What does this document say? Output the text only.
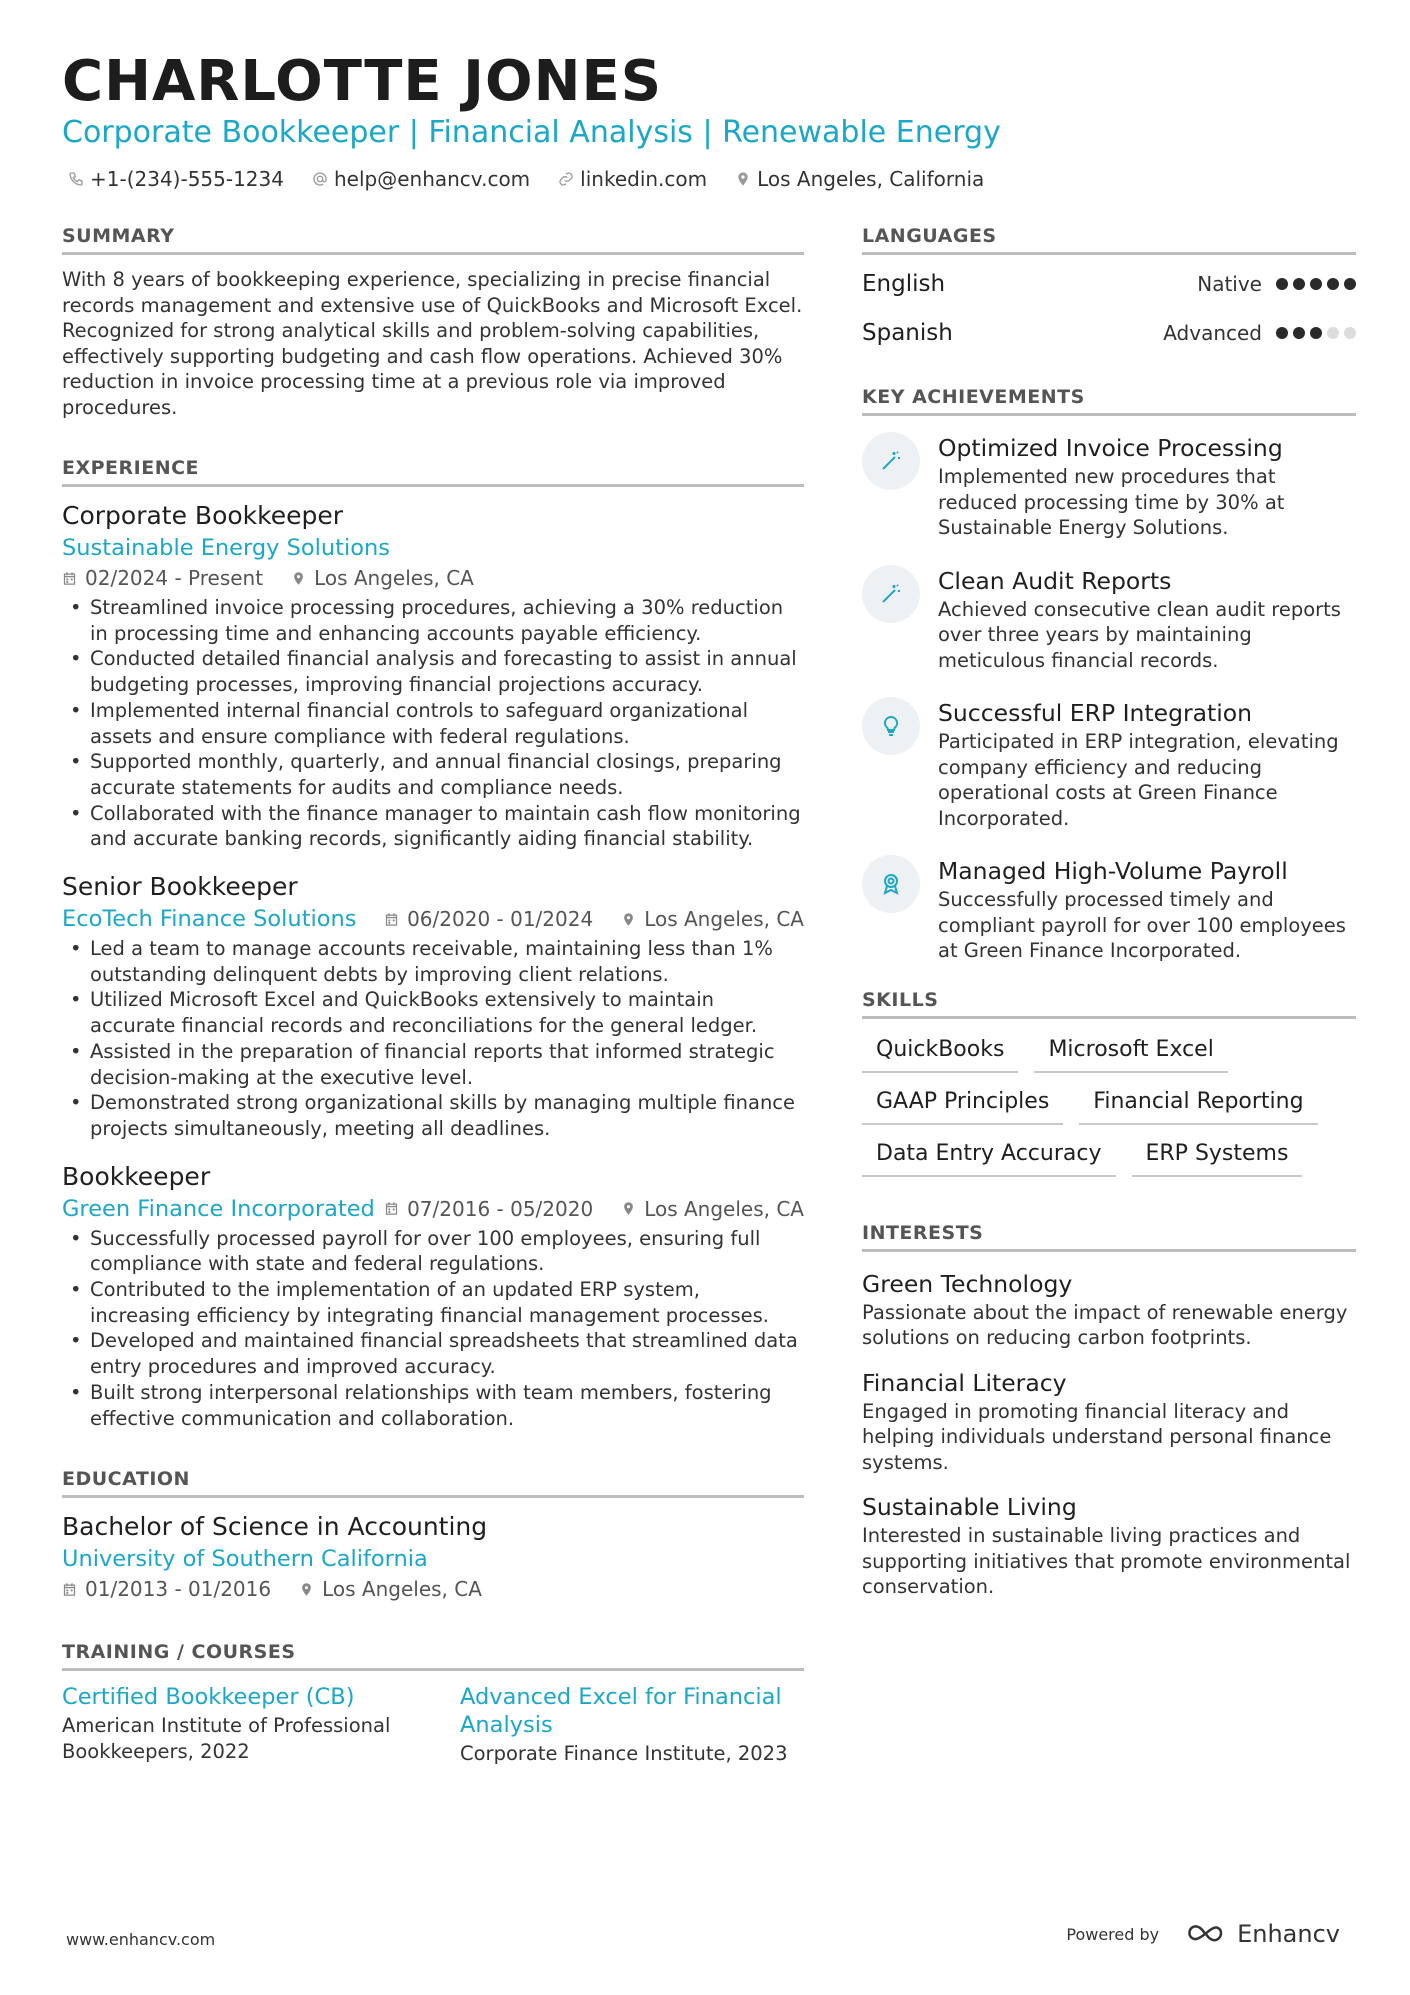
CHARLOTTE JONES

Corporate Bookkeeper | Financial Analysis | Renewable Energy

+1-(234)-555-1234	help@enhancv.com	linkedin.com	Los Angeles, California
SUMMARY

With 8 years of bookkeeping experience, specializing in precise financial records management and extensive use of QuickBooks and Microsoft Excel. Recognized for strong analytical skills and problem-solving capabilities, effectively supporting budgeting and cash flow operations. Achieved 30% reduction in invoice processing time at a previous role via improved procedures.

EXPERIENCE

Corporate Bookkeeper

Sustainable Energy Solutions

02/2024 - Present	Los Angeles, CA
• Streamlined invoice processing procedures, achieving a 30% reduction in processing time and enhancing accounts payable efficiency.
• Conducted detailed financial analysis and forecasting to assist in annual budgeting processes, improving financial projections accuracy.
• Implemented internal financial controls to safeguard organizational assets and ensure compliance with federal regulations.
• Supported monthly, quarterly, and annual financial closings, preparing accurate statements for audits and compliance needs.
• Collaborated with the finance manager to maintain cash flow monitoring and accurate banking records, significantly aiding financial stability.

Senior Bookkeeper

EcoTech Finance Solutions	06/2020 - 01/2024	Los Angeles, CA
• Led a team to manage accounts receivable, maintaining less than 1% outstanding delinquent debts by improving client relations.
• Utilized Microsoft Excel and QuickBooks extensively to maintain accurate financial records and reconciliations for the general ledger.
• Assisted in the preparation of financial reports that informed strategic decision-making at the executive level.
• Demonstrated strong organizational skills by managing multiple finance projects simultaneously, meeting all deadlines.

Bookkeeper

Green Finance Incorporated 07/2016 - 05/2020	Los Angeles, CA
• Successfully processed payroll for over 100 employees, ensuring full compliance with state and federal regulations.
• Contributed to the implementation of an updated ERP system, increasing efficiency by integrating financial management processes.
• Developed and maintained financial spreadsheets that streamlined data entry procedures and improved accuracy.
• Built strong interpersonal relationships with team members, fostering effective communication and collaboration.
EDUCATION

Bachelor of Science in Accounting

University of Southern California

01/2013 - 01/2016	Los Angeles, CA
TRAINING / COURSES

Certified Bookkeeper (CB)

American Institute of Professional Bookkeepers, 2022

Advanced Excel for Financial Analysis

Corporate Finance Institute, 2023

LANGUAGES
English	Native
Spanish	Advanced
KEY ACHIEVEMENTS

Optimized Invoice Processing

Implemented new procedures that reduced processing time by 30% at Sustainable Energy Solutions.

Clean Audit Reports

Achieved consecutive clean audit reports over three years by maintaining meticulous financial records.

Successful ERP Integration

Participated in ERP integration, elevating company efficiency and reducing operational costs at Green Finance Incorporated.

Managed High-Volume Payroll

Successfully processed timely and compliant payroll for over 100 employees at Green Finance Incorporated.

SKILLS
QuickBooks	Microsoft Excel
GAAP Principles	Financial Reporting
Data Entry Accuracy	ERP Systems
INTERESTS

Green Technology

Passionate about the impact of renewable energy solutions on reducing carbon footprints.

Financial Literacy

Engaged in promoting financial literacy and helping individuals understand personal finance systems.

Sustainable Living

Interested in sustainable living practices and supporting initiatives that promote environmental conservation.

www.enhancv.com	Powered by	Enhancv
